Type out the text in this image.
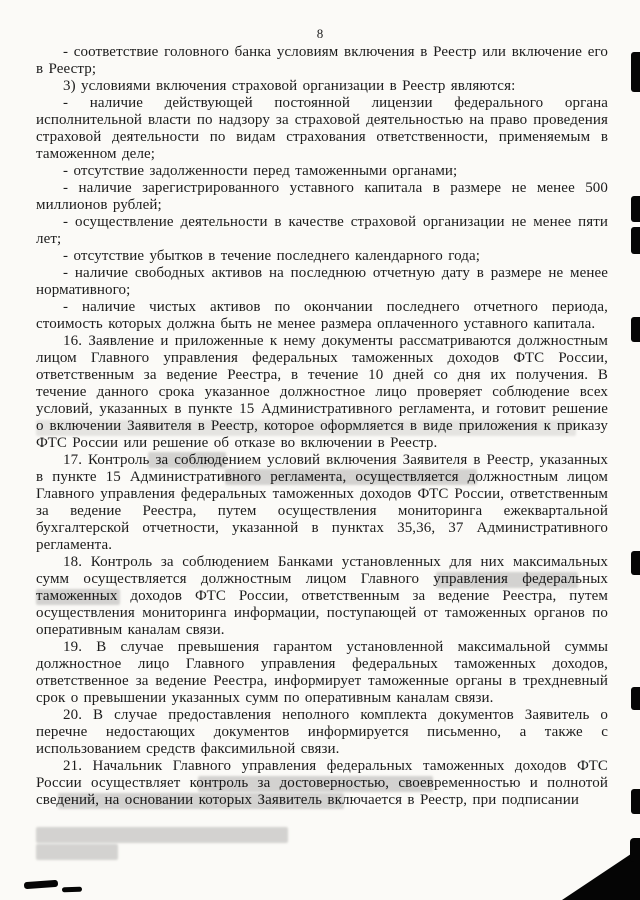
8

- соответствие головного банка условиям включения в Реестр или включение его в Реестр;

3) условиями включения страховой организации в Реестр являются:

- наличие действующей постоянной лицензии федерального органа исполнительной власти по надзору за страховой деятельностью на право проведения страховой деятельности по видам страхования ответственности, применяемым в таможенном деле;

- отсутствие задолженности перед таможенными органами;

- наличие зарегистрированного уставного капитала в размере не менее 500 миллионов рублей;

- осуществление деятельности в качестве страховой организации не менее пяти лет;

- отсутствие убытков в течение последнего календарного года;

- наличие свободных активов на последнюю отчетную дату в размере не менее нормативного;

- наличие чистых активов по окончании последнего отчетного периода, стоимость которых должна быть не менее размера оплаченного уставного капитала.

16. Заявление и приложенные к нему документы рассматриваются должностным лицом Главного управления федеральных таможенных доходов ФТС России, ответственным за ведение Реестра, в течение 10 дней со дня их получения. В течение данного срока указанное должностное лицо проверяет соблюдение всех условий, указанных в пункте 15 Административного регламента, и готовит решение о включении Заявителя в Реестр, которое оформляется в виде приложения к приказу ФТС России или решение об отказе во включении в Реестр.

17. Контроль за соблюдением условий включения Заявителя в Реестр, указанных в пункте 15 Административного регламента, осуществляется должностным лицом Главного управления федеральных таможенных доходов ФТС России, ответственным за ведение Реестра, путем осуществления мониторинга ежеквартальной бухгалтерской отчетности, указанной в пунктах 35,36, 37 Административного регламента.

18. Контроль за соблюдением Банками установленных для них максимальных сумм осуществляется должностным лицом Главного управления федеральных таможенных доходов ФТС России, ответственным за ведение Реестра, путем осуществления мониторинга информации, поступающей от таможенных органов по оперативным каналам связи.

19. В случае превышения гарантом установленной максимальной суммы должностное лицо Главного управления федеральных таможенных доходов, ответственное за ведение Реестра, информирует таможенные органы в трехдневный срок о превышении указанных сумм по оперативным каналам связи.

20. В случае предоставления неполного комплекта документов Заявитель о перечне недостающих документов информируется письменно, а также с использованием средств факсимильной связи.

21. Начальник Главного управления федеральных таможенных доходов ФТС России осуществляет контроль за достоверностью, своевременностью и полнотой сведений, на основании которых Заявитель включается в Реестр, при подписании
